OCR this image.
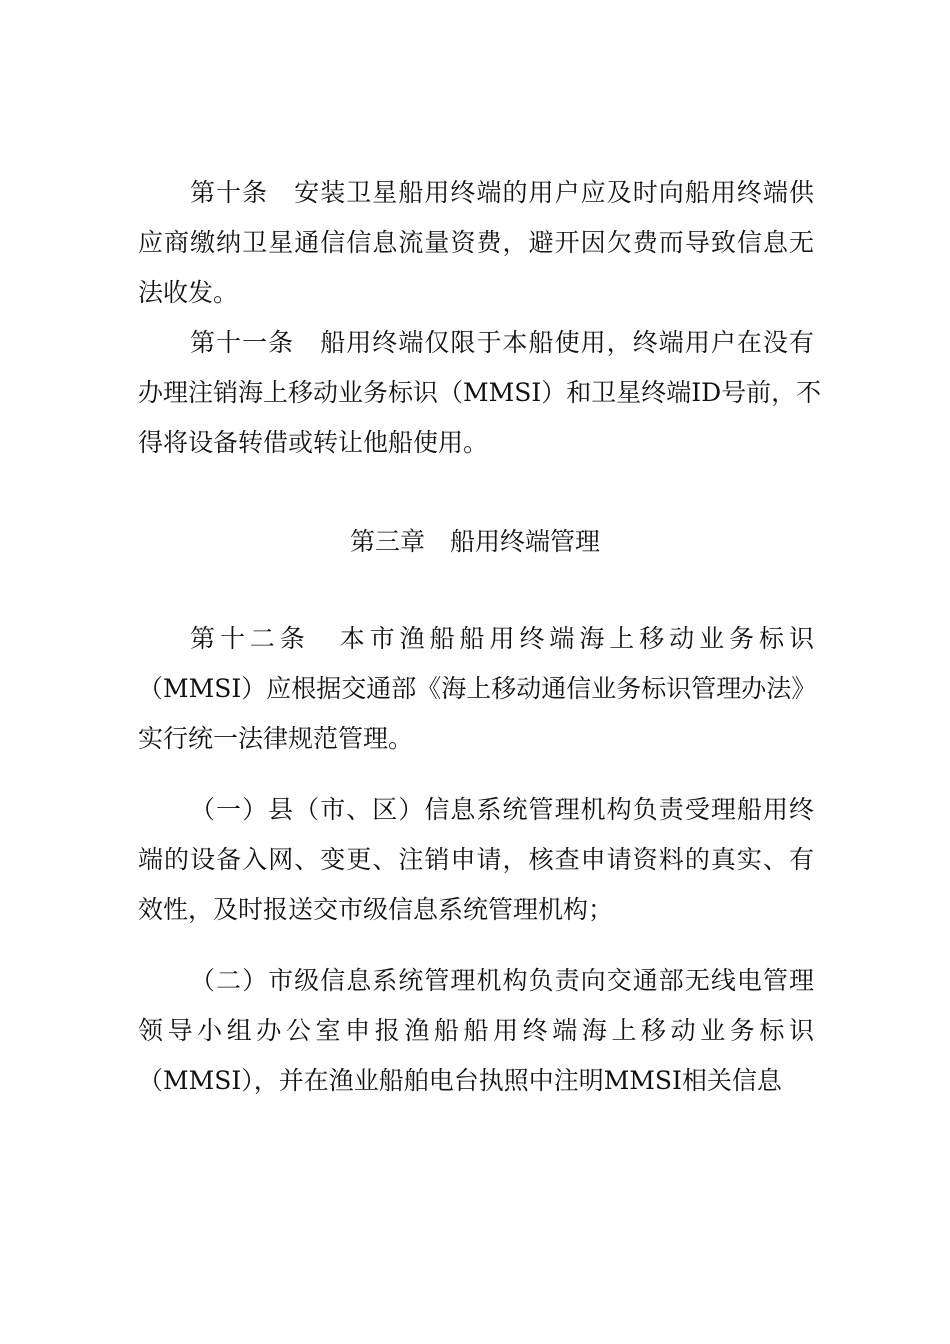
第十条　安装卫星船用终端的用户应及时向船用终端供
应商缴纳卫星通信信息流量资费，避开因欠费而导致信息无
法收发。
第十一条　船用终端仅限于本船使用，终端用户在没有
办理注销海上移动业务标识（MMSI）和卫星终端ID号前，不
得将设备转借或转让他船使用。
第三章　船用终端管理
第十二条　本市渔船船用终端海上移动业务标识
（MMSI）应根据交通部《海上移动通信业务标识管理办法》
实行统一法律规范管理。
（一）县（市、区）信息系统管理机构负责受理船用终
端的设备入网、变更、注销申请，核查申请资料的真实、有
效性，及时报送交市级信息系统管理机构；
（二）市级信息系统管理机构负责向交通部无线电管理
领导小组办公室申报渔船船用终端海上移动业务标识
（MMSI），并在渔业船舶电台执照中注明MMSI相关信息
